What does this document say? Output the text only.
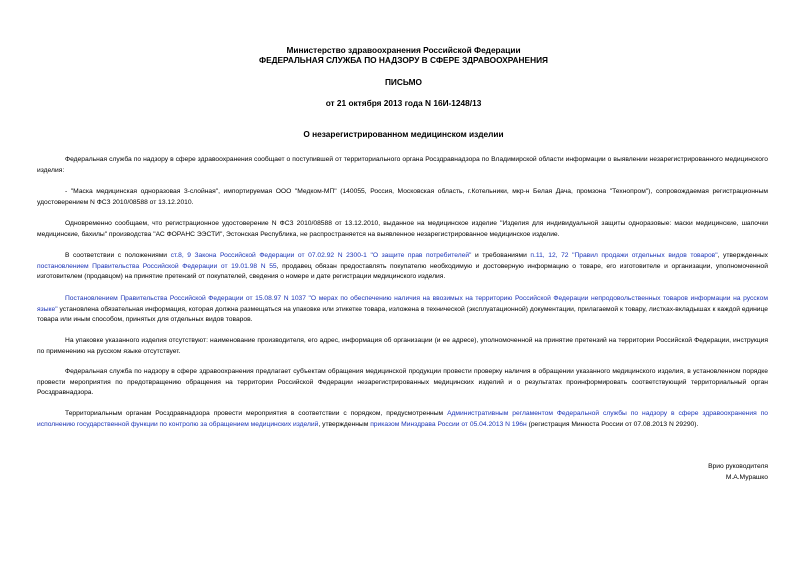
Министерство здравоохранения Российской Федерации
ФЕДЕРАЛЬНАЯ СЛУЖБА ПО НАДЗОРУ В СФЕРЕ ЗДРАВООХРАНЕНИЯ
ПИСЬМО
от 21 октября 2013 года N 16И-1248/13
О незарегистрированном медицинском изделии
Федеральная служба по надзору в сфере здравоохранения сообщает о поступившей от территориального органа Росздравнадзора по Владимирской области информации о выявлении незарегистрированного медицинского изделия:
- "Маска медицинская одноразовая 3-слойная", импортируемая ООО "Медком-МП" (140055, Россия, Московская область, г.Котельники, мкр-н Белая Дача, промзона "Технопром"), сопровождаемая регистрационным удостоверением N ФСЗ 2010/08588 от 13.12.2010.
Одновременно сообщаем, что регистрационное удостоверение N ФСЗ 2010/08588 от 13.12.2010, выданное на медицинское изделие "Изделия для индивидуальной защиты одноразовые: маски медицинские, шапочки медицинские, бахилы" производства "АС ФОРАНС ЭЭСТИ", Эстонская Республика, не распространяется на выявленное незарегистрированное медицинское изделие.
В соответствии с положениями ст.8, 9 Закона Российской Федерации от 07.02.92 N 2300-1 "О защите прав потребителей" и требованиями п.11, 12, 72 "Правил продажи отдельных видов товаров", утвержденных постановлением Правительства Российской Федерации от 19.01.98 N 55, продавец обязан предоставлять покупателю необходимую и достоверную информацию о товаре, его изготовителе и организации, уполномоченной изготовителем (продавцом) на принятие претензий от покупателей, сведения о номере и дате регистрации медицинского изделия.
Постановлением Правительства Российской Федерации от 15.08.97 N 1037 "О мерах по обеспечению наличия на ввозимых на территорию Российской Федерации непродовольственных товаров информации на русском языке" установлена обязательная информация, которая должна размещаться на упаковке или этикетке товара, изложена в технической (эксплуатационной) документации, прилагаемой к товару, листках-вкладышах к каждой единице товара или иным способом, принятых для отдельных видов товаров.
На упаковке указанного изделия отсутствуют: наименование производителя, его адрес, информация об организации (и ее адресе), уполномоченной на принятие претензий на территории Российской Федерации, инструкция по применению на русском языке отсутствует.
Федеральная служба по надзору в сфере здравоохранения предлагает субъектам обращения медицинской продукции провести проверку наличия в обращении указанного медицинского изделия, в установленном порядке провести мероприятия по предотвращению обращения на территории Российской Федерации незарегистрированных медицинских изделий и о результатах проинформировать соответствующий территориальный орган Росздравнадзора.
Территориальным органам Росздравнадзора провести мероприятия в соответствии с порядком, предусмотренным Административным регламентом Федеральной службы по надзору в сфере здравоохранения по исполнению государственной функции по контролю за обращением медицинских изделий, утвержденным приказом Минздрава России от 05.04.2013 N 196н (регистрация Минюста России от 07.08.2013 N 29290).
Врио руководителя
М.А.Мурашко
